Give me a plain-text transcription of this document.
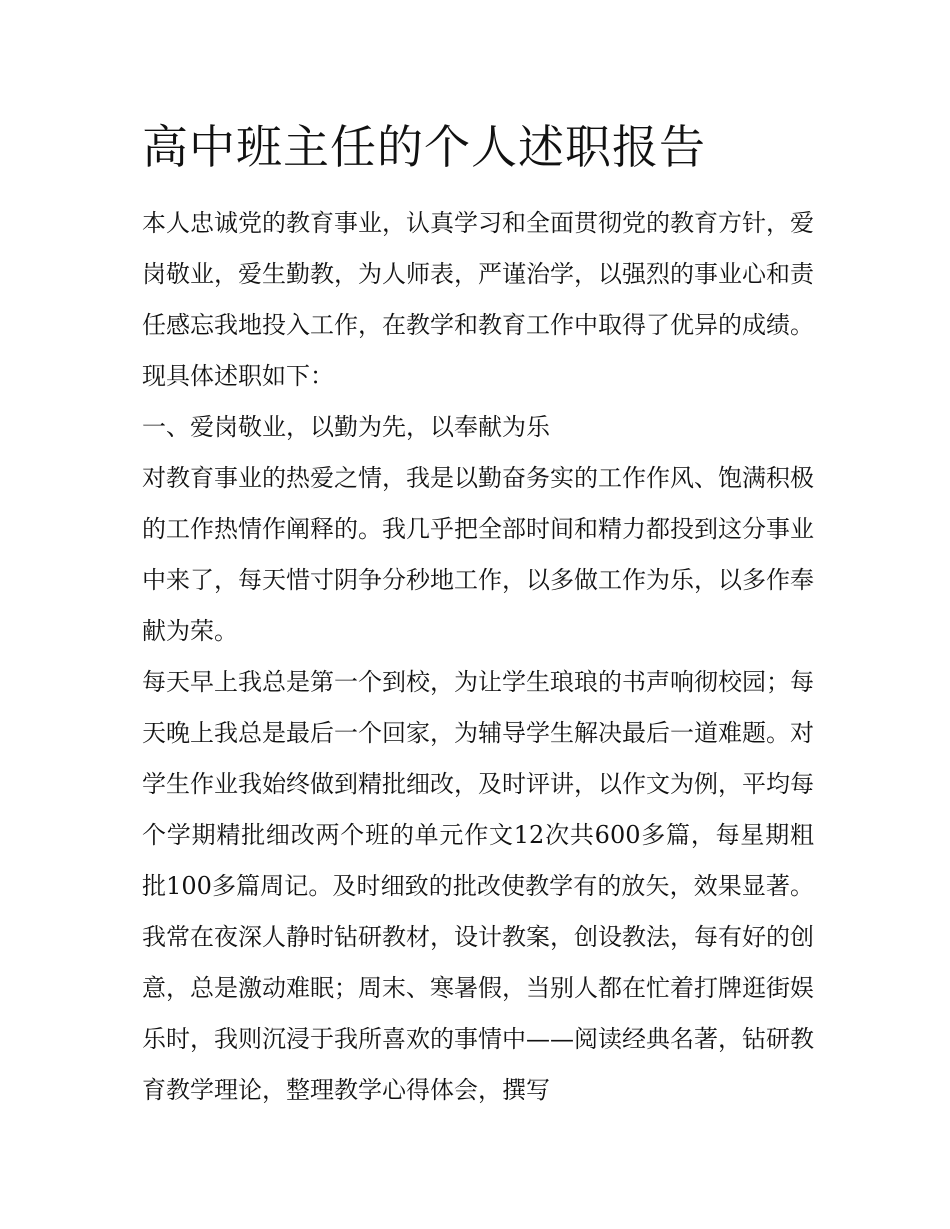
高中班主任的个人述职报告

本人忠诚党的教育事业，认真学习和全面贯彻党的教育方针，爱岗敬业，爱生勤教，为人师表，严谨治学，以强烈的事业心和责任感忘我地投入工作，在教学和教育工作中取得了优异的成绩。现具体述职如下：

一、爱岗敬业，以勤为先，以奉献为乐

对教育事业的热爱之情，我是以勤奋务实的工作作风、饱满积极的工作热情作阐释的。我几乎把全部时间和精力都投到这分事业中来了，每天惜寸阴争分秒地工作，以多做工作为乐，以多作奉献为荣。

每天早上我总是第一个到校，为让学生琅琅的书声响彻校园；每天晚上我总是最后一个回家，为辅导学生解决最后一道难题。对学生作业我始终做到精批细改，及时评讲，以作文为例，平均每个学期精批细改两个班的单元作文12次共600多篇，每星期粗批100多篇周记。及时细致的批改使教学有的放矢，效果显著。我常在夜深人静时钻研教材，设计教案，创设教法，每有好的创意，总是激动难眠；周末、寒暑假，当别人都在忙着打牌逛街娱乐时，我则沉浸于我所喜欢的事情中——阅读经典名著，钻研教育教学理论，整理教学心得体会，撰写
